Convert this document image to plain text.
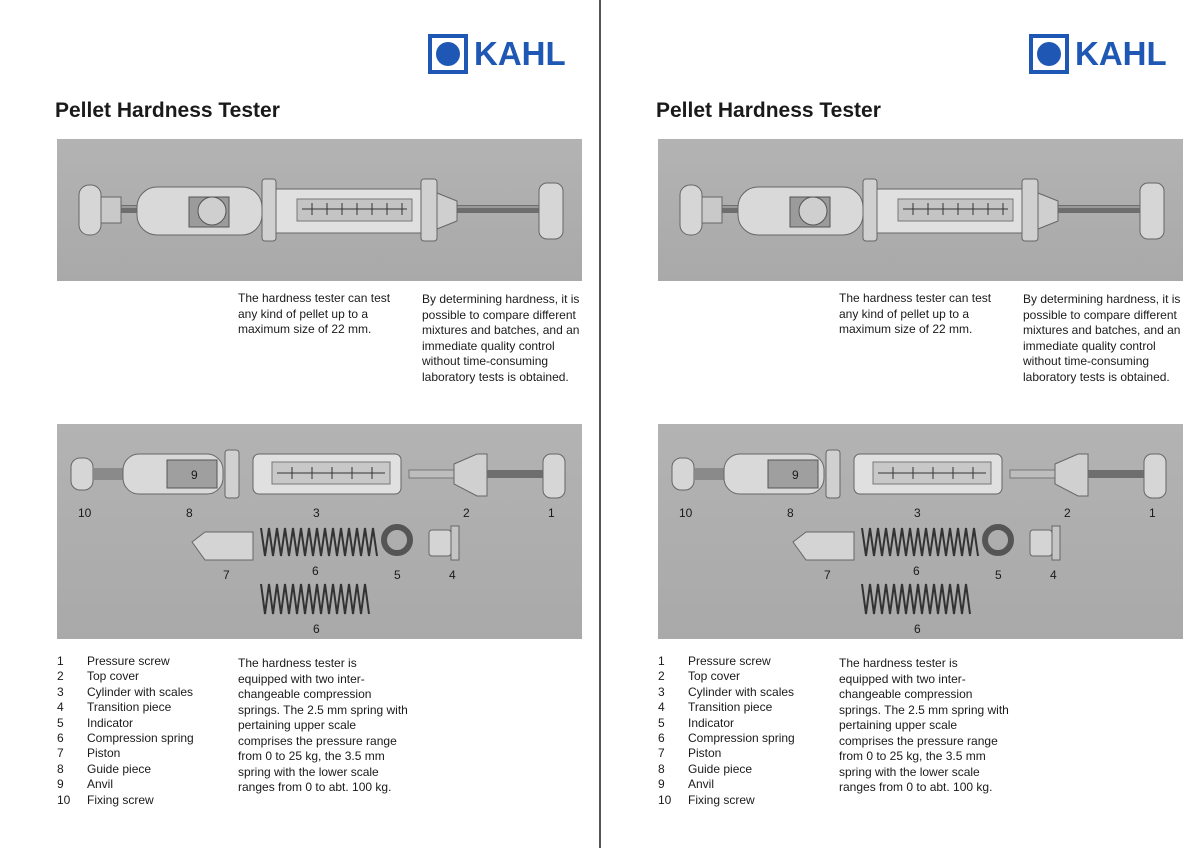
KAHL
Pellet Hardness Tester
The hardness tester can test any kind of pellet up to a maximum size of 22 mm.
By determining hardness, it is possible to compare different mixtures and batches, and an immediate quality control without time-consuming laboratory tests is obtained.
10	8
9
3	2	1
7	6	5	4
6
1	Pressure screw
2	Top cover
3	Cylinder with scales
4	Transition piece
5	Indicator
6	Compression spring
7	Piston
8	Guide piece
9	Anvil
10	Fixing screw
The hardness tester is equipped with two inter-changeable compression springs. The 2.5 mm spring with pertaining upper scale comprises the pressure range from 0 to 25 kg, the 3.5 mm spring with the lower scale ranges from 0 to abt. 100 kg.
KAHL
Pellet Hardness Tester
The hardness tester can test any kind of pellet up to a maximum size of 22 mm.
By determining hardness, it is possible to compare different mixtures and batches, and an immediate quality control without time-consuming laboratory tests is obtained.
10	8
9
3	2	1
7	6	5	4
6
1	Pressure screw
2	Top cover
3	Cylinder with scales
4	Transition piece
5	Indicator
6	Compression spring
7	Piston
8	Guide piece
9	Anvil
10	Fixing screw
The hardness tester is equipped with two inter-changeable compression springs. The 2.5 mm spring with pertaining upper scale comprises the pressure range from 0 to 25 kg, the 3.5 mm spring with the lower scale ranges from 0 to abt. 100 kg.
